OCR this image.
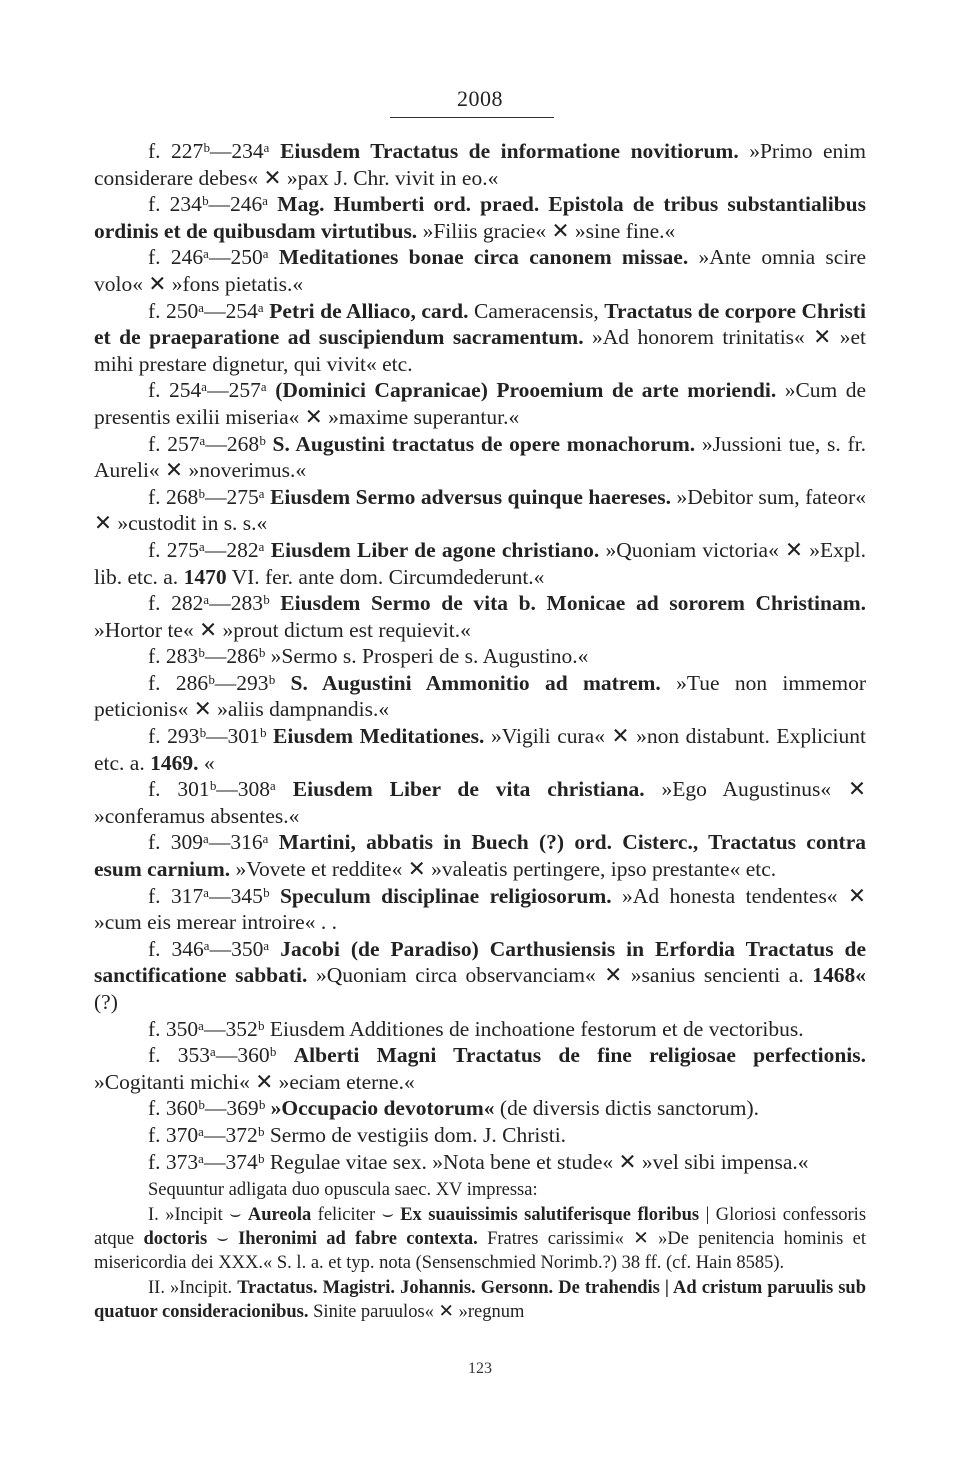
2008

f. 227ᵇ—234ᵃ Eiusdem Tractatus de informatione novitiorum. »Primo enim considerare debes« ✕ »pax J. Chr. vivit in eo.«

f. 234ᵇ—246ᵃ Mag. Humberti ord. praed. Epistola de tribus substantialibus ordinis et de quibusdam virtutibus. »Filiis gracie« ✕ »sine fine.«

f. 246ᵃ—250ᵃ Meditationes bonae circa canonem missae. »Ante omnia scire volo« ✕ »fons pietatis.«

f. 250ᵃ—254ᵃ Petri de Alliaco, card. Cameracensis, Tractatus de corpore Christi et de praeparatione ad suscipiendum sacramentum. »Ad honorem trinitatis« ✕ »et mihi prestare dignetur, qui vivit« etc.

f. 254ᵃ—257ᵃ (Dominici Capranicae) Prooemium de arte moriendi. »Cum de presentis exilii miseria« ✕ »maxime superantur.«

f. 257ᵃ—268ᵇ S. Augustini tractatus de opere monachorum. »Jussioni tue, s. fr. Aureli« ✕ »noverimus.«

f. 268ᵇ—275ᵃ Eiusdem Sermo adversus quinque haereses. »Debitor sum, fateor« ✕ »custodit in s. s.«

f. 275ᵃ—282ᵃ Eiusdem Liber de agone christiano. »Quoniam victoria« ✕ »Expl. lib. etc. a. 1470 VI. fer. ante dom. Circumdederunt.«

f. 282ᵃ—283ᵇ Eiusdem Sermo de vita b. Monicae ad sororem Christinam. »Hortor te« ✕ »prout dictum est requievit.«

f. 283ᵇ—286ᵇ »Sermo s. Prosperi de s. Augustino.«

f. 286ᵇ—293ᵇ S. Augustini Ammonitio ad matrem. »Tue non immemor peticionis« ✕ »aliis dampnandis.«

f. 293ᵇ—301ᵇ Eiusdem Meditationes. »Vigili cura« ✕ »non distabunt. Expliciunt etc. a. 1469. «

f. 301ᵇ—308ᵃ Eiusdem Liber de vita christiana. »Ego Augustinus« ✕ »conferamus absentes.«

f. 309ᵃ—316ᵃ Martini, abbatis in Buech (?) ord. Cisterc., Tractatus contra esum carnium. »Vovete et reddite« ✕ »valeatis pertingere, ipso prestante« etc.

f. 317ᵃ—345ᵇ Speculum disciplinae religiosorum. »Ad honesta tendentes« ✕ »cum eis merear introire« . .

f. 346ᵃ—350ᵃ Jacobi (de Paradiso) Carthusiensis in Erfordia Tractatus de sanctificatione sabbati. »Quoniam circa observanciam« ✕ »sanius sencienti a. 1468« (?)

f. 350ᵃ—352ᵇ Eiusdem Additiones de inchoatione festorum et de vectoribus.

f. 353ᵃ—360ᵇ Alberti Magni Tractatus de fine religiosae perfectionis. »Cogitanti michi« ✕ »eciam eterne.«

f. 360ᵇ—369ᵇ »Occupacio devotorum« (de diversis dictis sanctorum).

f. 370ᵃ—372ᵇ Sermo de vestigiis dom. J. Christi.

f. 373ᵃ—374ᵇ Regulae vitae sex. »Nota bene et stude« ✕ »vel sibi impensa.«

Sequuntur adligata duo opuscula saec. XV impressa:

I. »Incipit ⌣ Aureola feliciter ⌣ Ex suauissimis salutiferisque floribus | Gloriosi confessoris atque doctoris ⌣ Iheronimi ad fabre contexta. Fratres carissimi« ✕ »De penitencia hominis et misericordia dei XXX.« S. l. a. et typ. nota (Sensenschmied Norimb.?) 38 ff. (cf. Hain 8585).

II. »Incipit. Tractatus. Magistri. Johannis. Gersonn. De trahendis | Ad cristum paruulis sub quatuor consideracionibus. Sinite paruulos« ✕ »regnum

123
